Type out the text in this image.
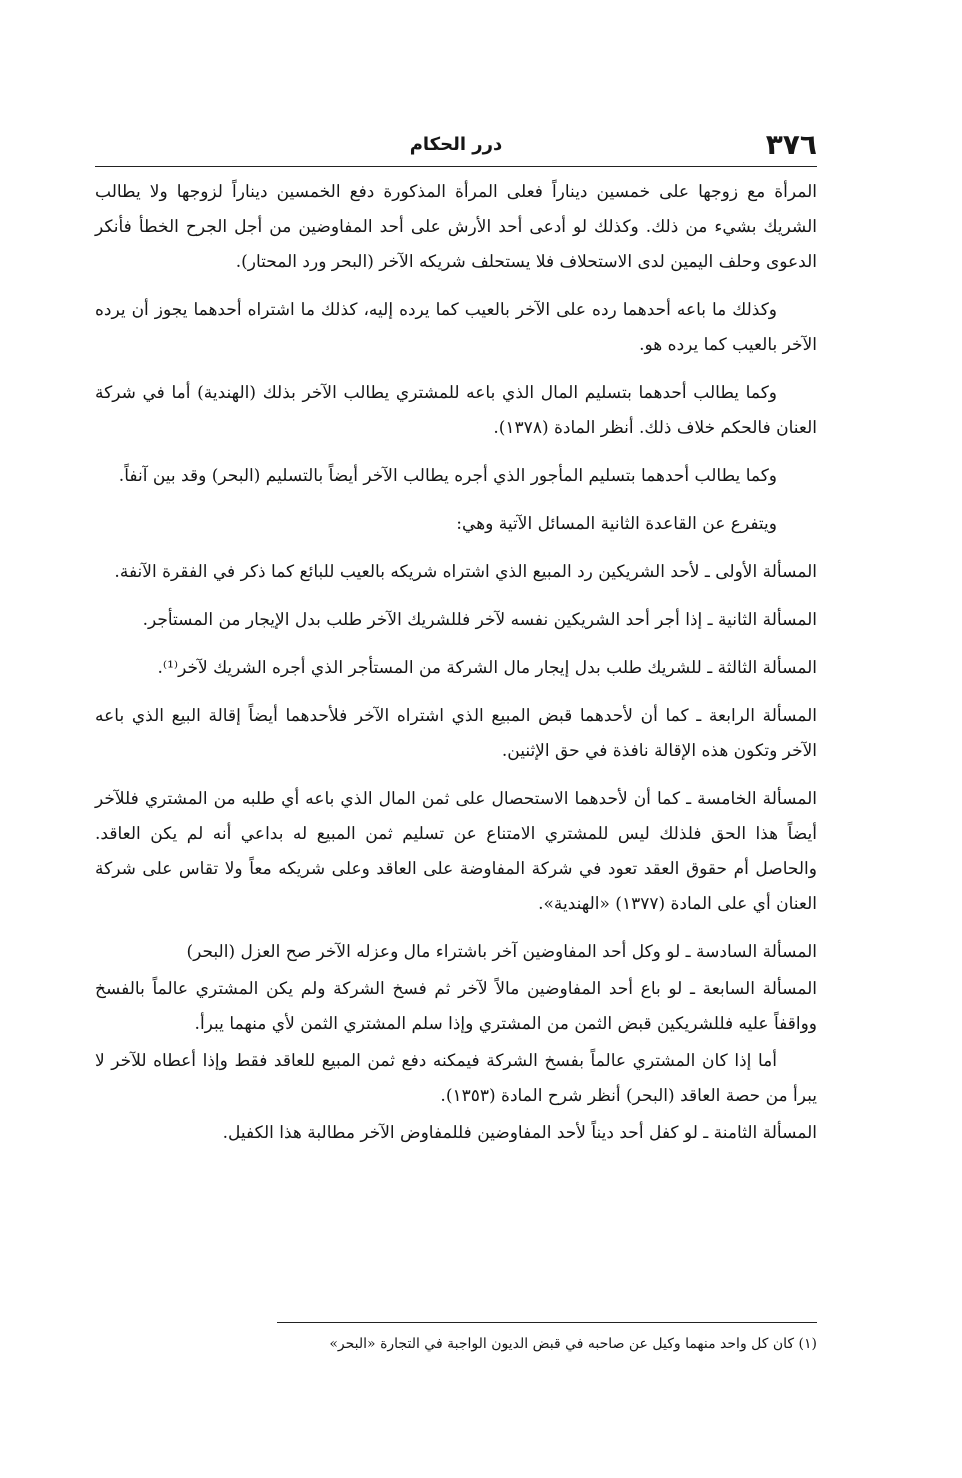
٣٧٦
درر الحكام

المرأة مع زوجها على خمسين ديناراً فعلى المرأة المذكورة دفع الخمسين ديناراً لزوجها ولا يطالب الشريك بشيء من ذلك. وكذلك لو أدعى أحد الأرش على أحد المفاوضين من أجل الجرح الخطأ فأنكر الدعوى وحلف اليمين لدى الاستحلاف فلا يستحلف شريكه الآخر (البحر ورد المحتار).

وكذلك ما باعه أحدهما رده على الآخر بالعيب كما يرده إليه، كذلك ما اشتراه أحدهما يجوز أن يرده الآخر بالعيب كما يرده هو.

وكما يطالب أحدهما بتسليم المال الذي باعه للمشتري يطالب الآخر بذلك (الهندية) أما في شركة العنان فالحكم خلاف ذلك. أنظر المادة (١٣٧٨).

وكما يطالب أحدهما بتسليم المأجور الذي أجره يطالب الآخر أيضاً بالتسليم (البحر) وقد بين آنفاً.

ويتفرع عن القاعدة الثانية المسائل الآتية وهي:

المسألة الأولى ـ لأحد الشريكين رد المبيع الذي اشتراه شريكه بالعيب للبائع كما ذكر في الفقرة الآنفة.

المسألة الثانية ـ إذا أجر أحد الشريكين نفسه لآخر فللشريك الآخر طلب بدل الإيجار من المستأجر.

المسألة الثالثة ـ للشريك طلب بدل إيجار مال الشركة من المستأجر الذي أجره الشريك لآخر⁽¹⁾.

المسألة الرابعة ـ كما أن لأحدهما قبض المبيع الذي اشتراه الآخر فلأحدهما أيضاً إقالة البيع الذي باعه الآخر وتكون هذه الإقالة نافذة في حق الإثنين.

المسألة الخامسة ـ كما أن لأحدهما الاستحصال على ثمن المال الذي باعه أي طلبه من المشتري فللآخر أيضاً هذا الحق فلذلك ليس للمشتري الامتناع عن تسليم ثمن المبيع له بداعي أنه لم يكن العاقد. والحاصل أم حقوق العقد تعود في شركة المفاوضة على العاقد وعلى شريكه معاً ولا تقاس على شركة العنان أي على المادة (١٣٧٧) «الهندية».

المسألة السادسة ـ لو وكل أحد المفاوضين آخر باشتراء مال وعزله الآخر صح العزل (البحر)

المسألة السابعة ـ لو باع أحد المفاوضين مالاً لآخر ثم فسخ الشركة ولم يكن المشتري عالماً بالفسخ وواقفاً عليه فللشريكين قبض الثمن من المشتري وإذا سلم المشتري الثمن لأي منهما يبرأ.

أما إذا كان المشتري عالماً بفسخ الشركة فيمكنه دفع ثمن المبيع للعاقد فقط وإذا أعطاه للآخر لا يبرأ من حصة العاقد (البحر) أنظر شرح المادة (١٣٥٣).

المسألة الثامنة ـ لو كفل أحد ديناً لأحد المفاوضين فللمفاوض الآخر مطالبة هذا الكفيل.

(١) كان كل واحد منهما وكيل عن صاحبه في قبض الديون الواجبة في التجارة «البحر»
